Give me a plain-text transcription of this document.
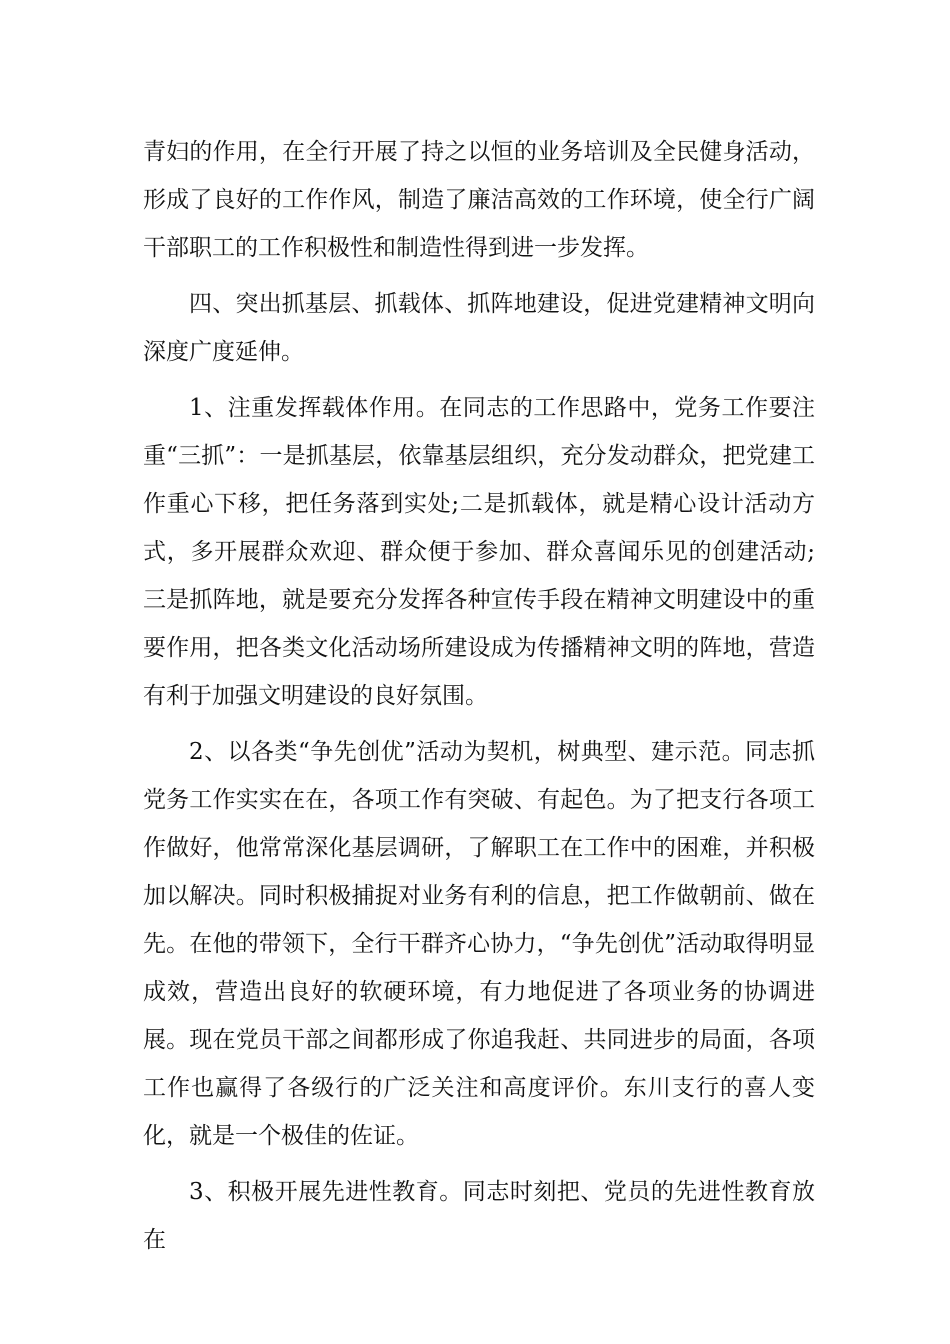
青妇的作用，在全行开展了持之以恒的业务培训及全民健身活动，形成了良好的工作作风，制造了廉洁高效的工作环境，使全行广阔干部职工的工作积极性和制造性得到进一步发挥。

四、突出抓基层、抓载体、抓阵地建设，促进党建精神文明向深度广度延伸。

1、注重发挥载体作用。在同志的工作思路中，党务工作要注重“三抓”：一是抓基层，依靠基层组织，充分发动群众，把党建工作重心下移，把任务落到实处;二是抓载体，就是精心设计活动方式，多开展群众欢迎、群众便于参加、群众喜闻乐见的创建活动;三是抓阵地，就是要充分发挥各种宣传手段在精神文明建设中的重要作用，把各类文化活动场所建设成为传播精神文明的阵地，营造有利于加强文明建设的良好氛围。

2、以各类“争先创优”活动为契机，树典型、建示范。同志抓党务工作实实在在，各项工作有突破、有起色。为了把支行各项工作做好，他常常深化基层调研，了解职工在工作中的困难，并积极加以解决。同时积极捕捉对业务有利的信息，把工作做朝前、做在先。在他的带领下，全行干群齐心协力，“争先创优”活动取得明显成效，营造出良好的软硬环境，有力地促进了各项业务的协调进展。现在党员干部之间都形成了你追我赶、共同进步的局面，各项工作也赢得了各级行的广泛关注和高度评价。东川支行的喜人变化，就是一个极佳的佐证。

3、积极开展先进性教育。同志时刻把、党员的先进性教育放在
